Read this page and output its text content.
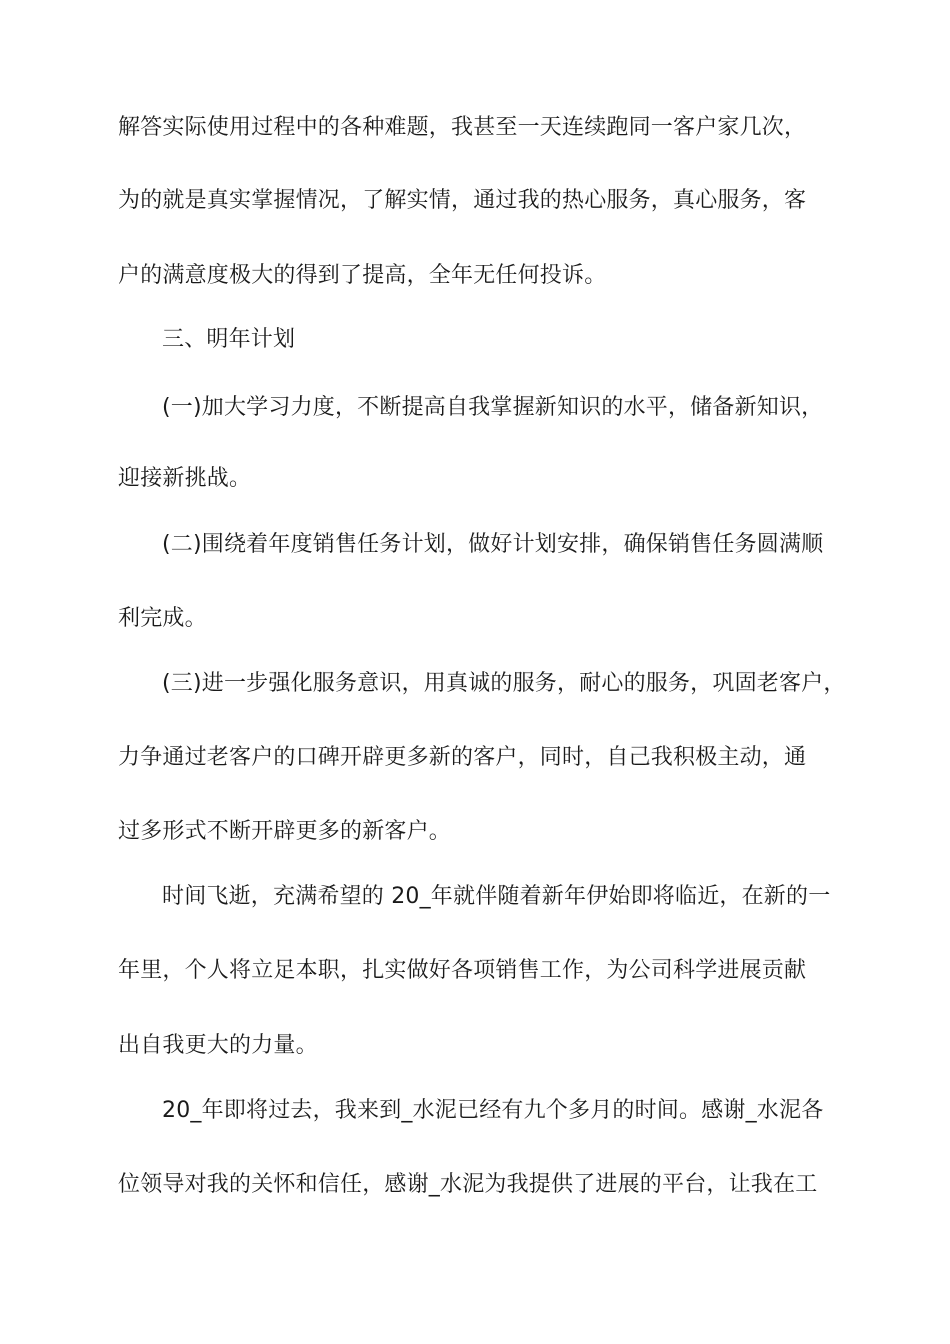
解答实际使用过程中的各种难题，我甚至一天连续跑同一客户家几次，

为的就是真实掌握情况，了解实情，通过我的热心服务，真心服务，客

户的满意度极大的得到了提高，全年无任何投诉。

三、明年计划

(一)加大学习力度，不断提高自我掌握新知识的水平，储备新知识，

迎接新挑战。

(二)围绕着年度销售任务计划，做好计划安排，确保销售任务圆满顺

利完成。

(三)进一步强化服务意识，用真诚的服务，耐心的服务，巩固老客户，

力争通过老客户的口碑开辟更多新的客户，同时，自己我积极主动，通

过多形式不断开辟更多的新客户。

时间飞逝，充满希望的 20_年就伴随着新年伊始即将临近，在新的一

年里，个人将立足本职，扎实做好各项销售工作，为公司科学进展贡献

出自我更大的力量。

20_年即将过去，我来到_水泥已经有九个多月的时间。感谢_水泥各

位领导对我的关怀和信任，感谢_水泥为我提供了进展的平台，让我在工
